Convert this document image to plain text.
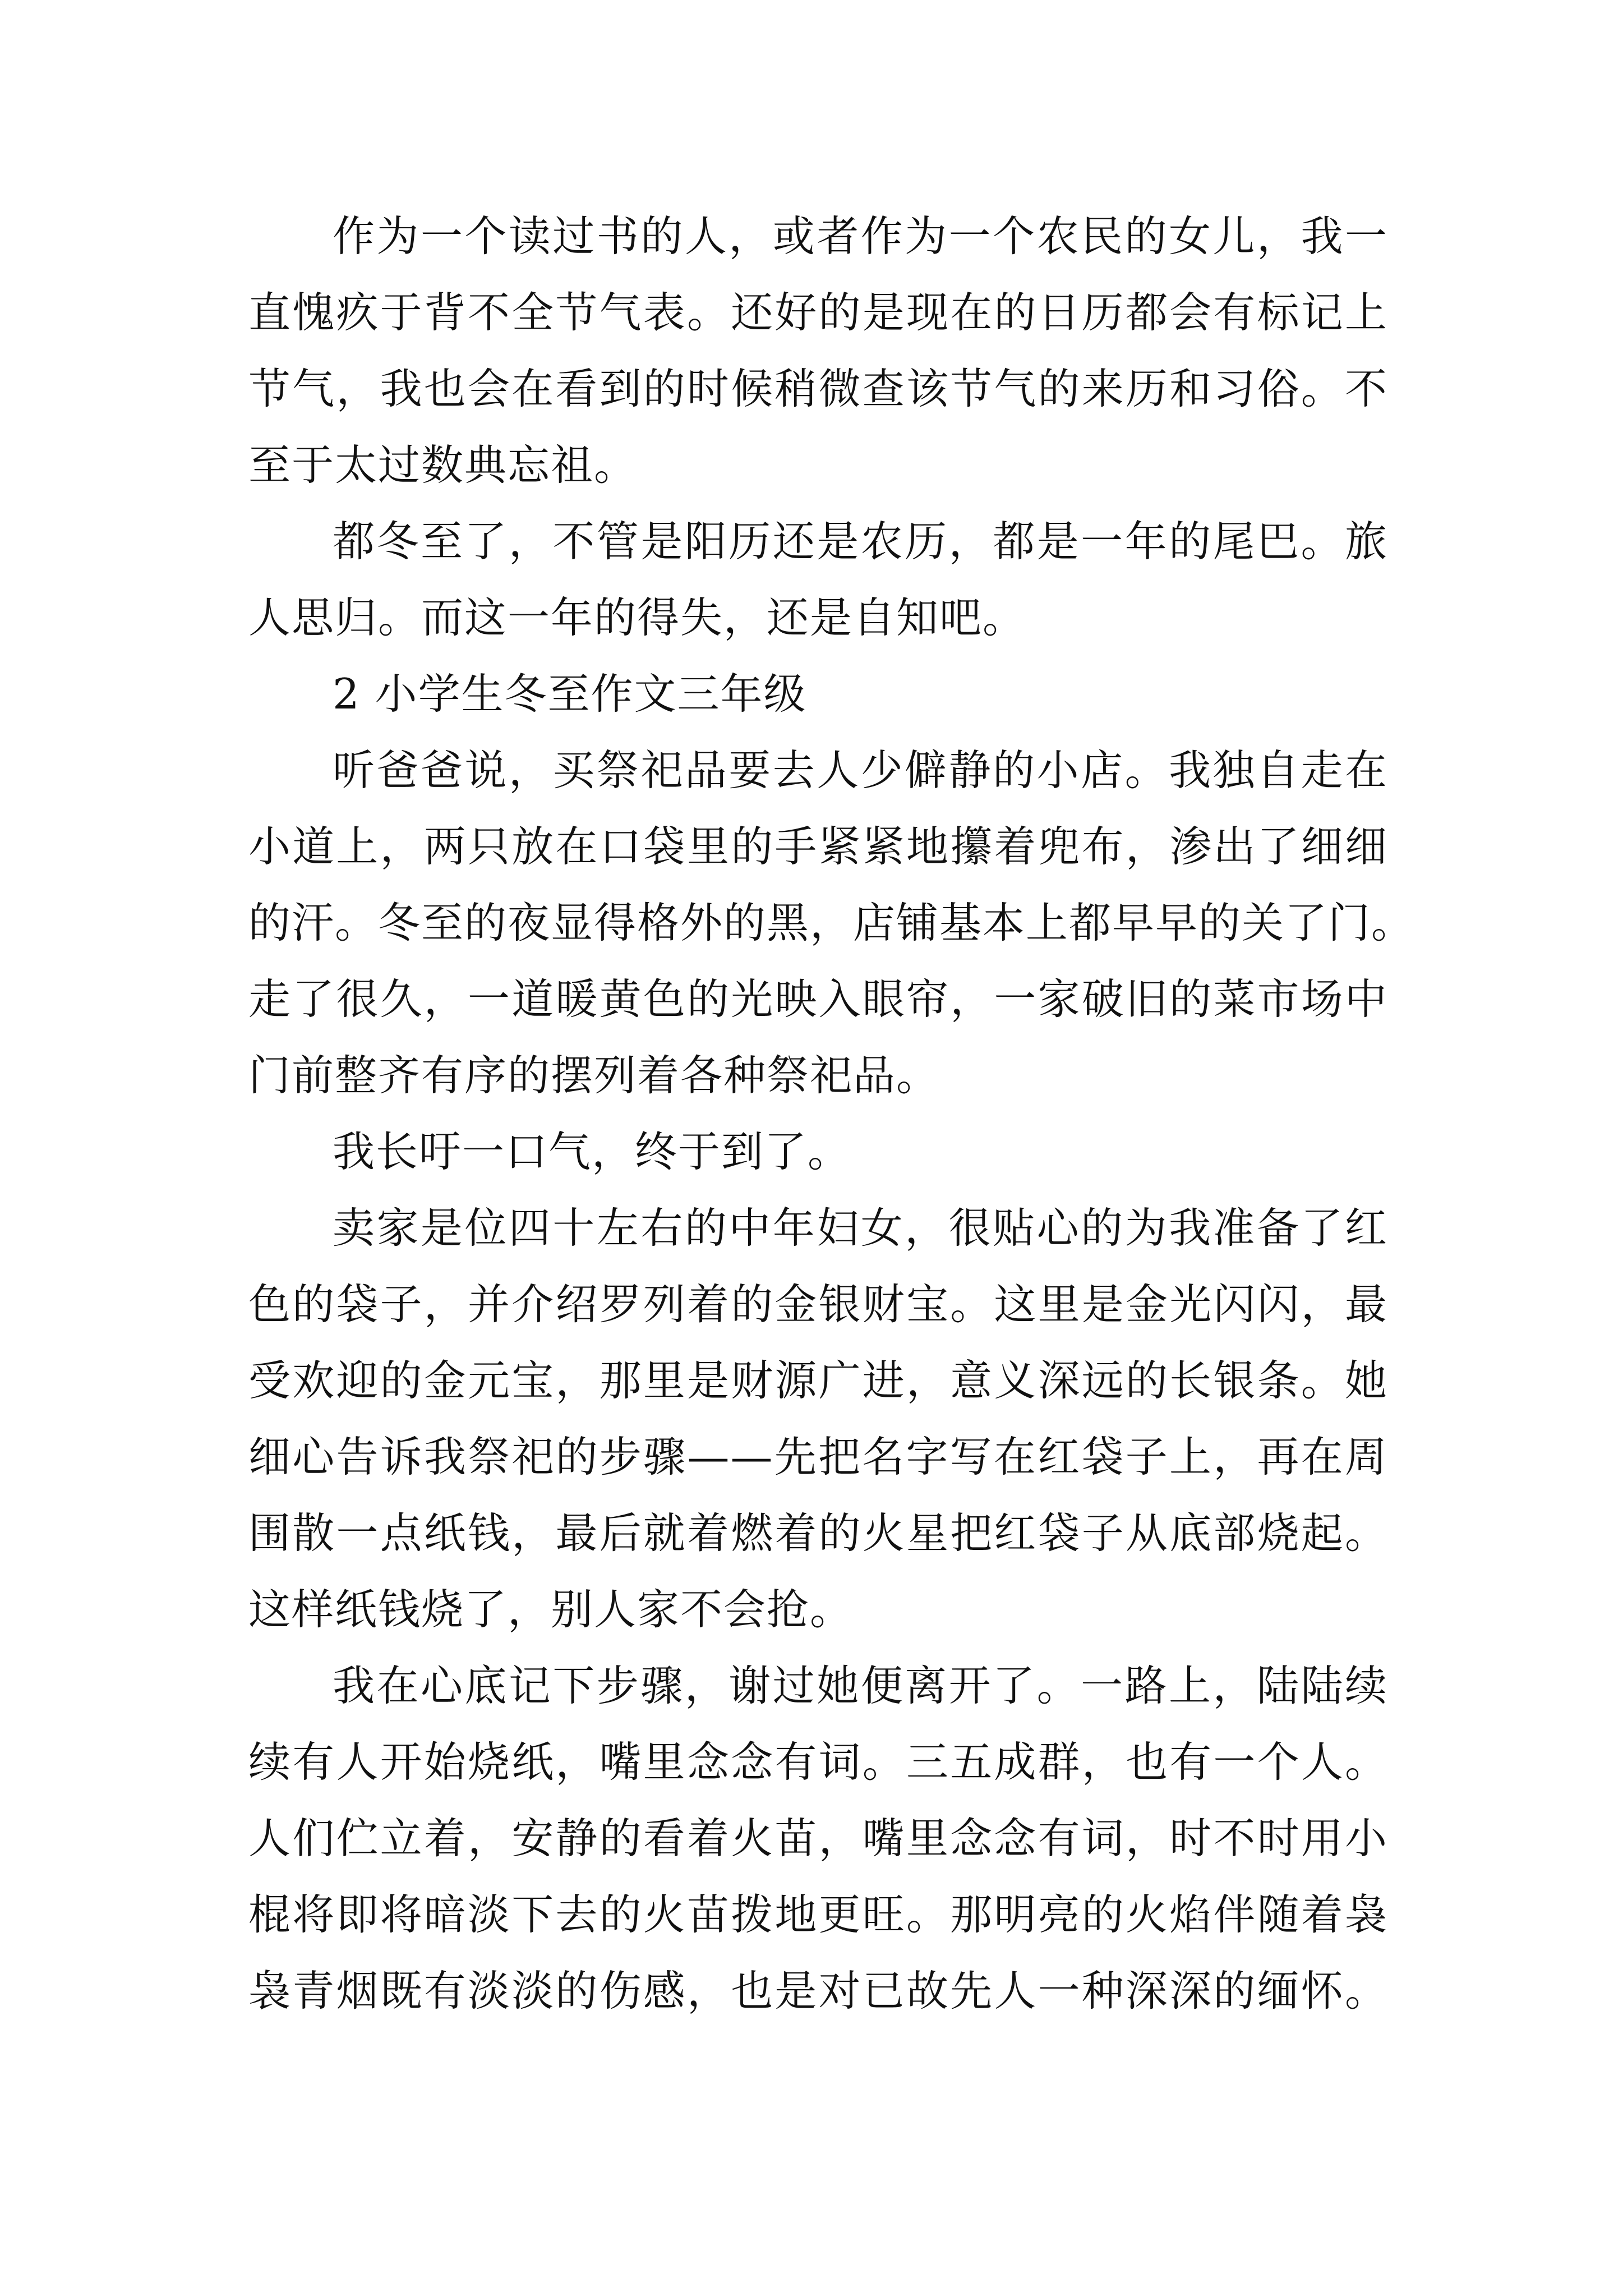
作为一个读过书的人，或者作为一个农民的女儿，我一
直愧疚于背不全节气表。还好的是现在的日历都会有标记上
节气，我也会在看到的时候稍微查该节气的来历和习俗。不
至于太过数典忘祖。
都冬至了，不管是阳历还是农历，都是一年的尾巴。旅
人思归。而这一年的得失，还是自知吧。
2 小学生冬至作文三年级
听爸爸说，买祭祀品要去人少僻静的小店。我独自走在
小道上，两只放在口袋里的手紧紧地攥着兜布，渗出了细细
的汗。冬至的夜显得格外的黑，店铺基本上都早早的关了门。
走了很久，一道暖黄色的光映入眼帘，一家破旧的菜市场中
门前整齐有序的摆列着各种祭祀品。
我长吁一口气，终于到了。
卖家是位四十左右的中年妇女，很贴心的为我准备了红
色的袋子，并介绍罗列着的金银财宝。这里是金光闪闪，最
受欢迎的金元宝，那里是财源广进，意义深远的长银条。她
细心告诉我祭祀的步骤——先把名字写在红袋子上，再在周
围散一点纸钱，最后就着燃着的火星把红袋子从底部烧起。
这样纸钱烧了，别人家不会抢。
我在心底记下步骤，谢过她便离开了。一路上，陆陆续
续有人开始烧纸，嘴里念念有词。三五成群，也有一个人。
人们伫立着，安静的看着火苗，嘴里念念有词，时不时用小
棍将即将暗淡下去的火苗拨地更旺。那明亮的火焰伴随着袅
袅青烟既有淡淡的伤感，也是对已故先人一种深深的缅怀。
